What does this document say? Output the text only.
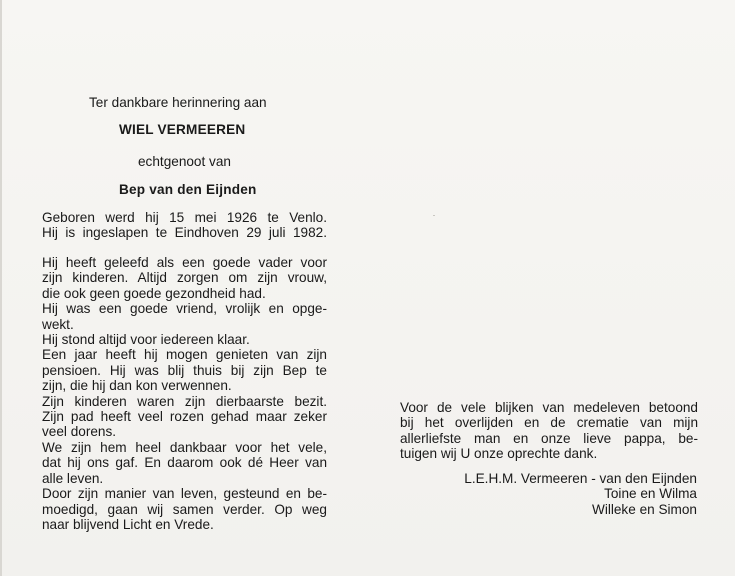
Ter dankbare herinnering aan
WIEL VERMEEREN
echtgenoot van
Bep van den Eijnden
Geboren werd hij 15 mei 1926 te Venlo.
Hij is ingeslapen te Eindhoven 29 juli 1982.
Hij heeft geleefd als een goede vader voor
zijn kinderen. Altijd zorgen om zijn vrouw,
die ook geen goede gezondheid had.
Hij was een goede vriend, vrolijk en opge-
wekt.
Hij stond altijd voor iedereen klaar.
Een jaar heeft hij mogen genieten van zijn
pensioen. Hij was blij thuis bij zijn Bep te
zijn, die hij dan kon verwennen.
Zijn kinderen waren zijn dierbaarste bezit.
Zijn pad heeft veel rozen gehad maar zeker
veel dorens.
We zijn hem heel dankbaar voor het vele,
dat hij ons gaf. En daarom ook dé Heer van
alle leven.
Door zijn manier van leven, gesteund en be-
moedigd, gaan wij samen verder. Op weg
naar blijvend Licht en Vrede.
Voor de vele blijken van medeleven betoond
bij het overlijden en de crematie van mijn
allerliefste man en onze lieve pappa, be-
tuigen wij U onze oprechte dank.
L.E.H.M. Vermeeren - van den Eijnden
Toine en Wilma
Willeke en Simon
